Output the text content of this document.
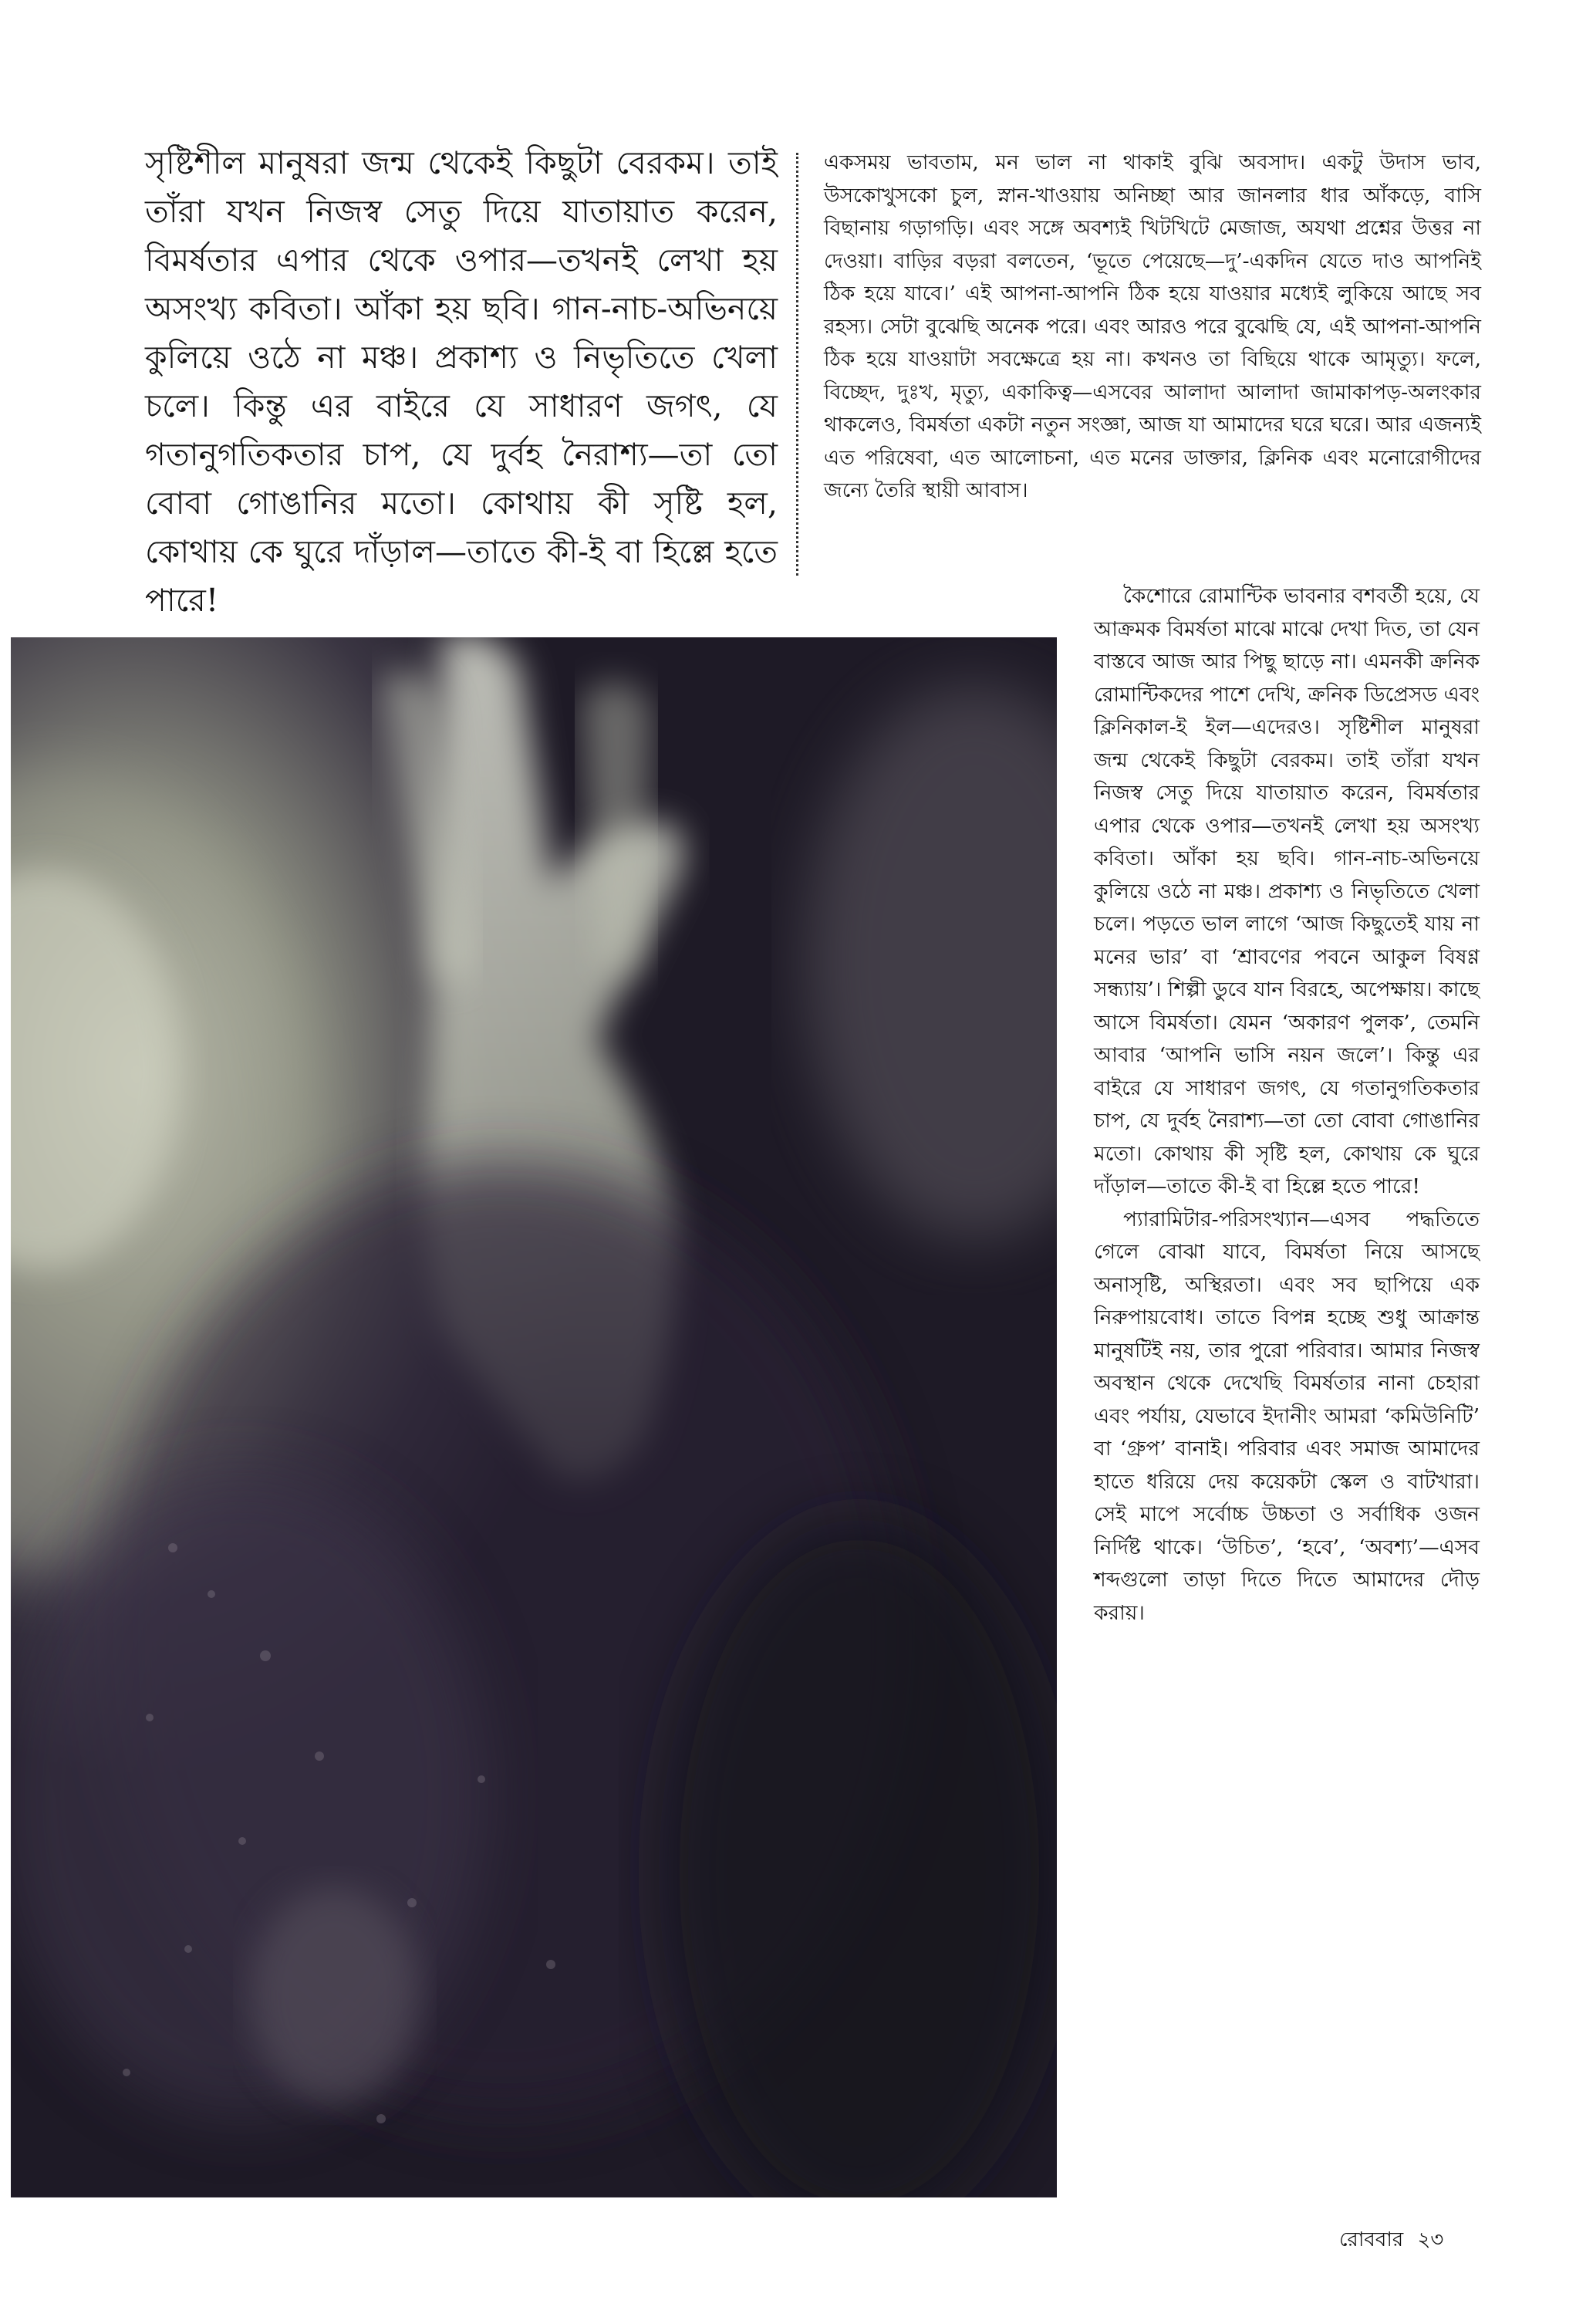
সৃষ্টিশীল মানুষরা জন্ম থেকেই কিছুটা বেরকম। তাই তাঁরা যখন নিজস্ব সেতু দিয়ে যাতায়াত করেন, বিমর্ষতার এপার থেকে ওপার—তখনই লেখা হয় অসংখ্য কবিতা। আঁকা হয় ছবি। গান-নাচ-অভিনয়ে কুলিয়ে ওঠে না মঞ্চ। প্রকাশ্য ও নিভৃতিতে খেলা চলে। কিন্তু এর বাইরে যে সাধারণ জগৎ, যে গতানুগতিকতার চাপ, যে দুর্বহ নৈরাশ্য—তা তো বোবা গোঙানির মতো। কোথায় কী সৃষ্টি হল, কোথায় কে ঘুরে দাঁড়াল—তাতে কী-ই বা হিল্লে হতে পারে!

একসময় ভাবতাম, মন ভাল না থাকাই বুঝি অবসাদ। একটু উদাস ভাব, উসকোখুসকো চুল, স্নান-খাওয়ায় অনিচ্ছা আর জানলার ধার আঁকড়ে, বাসি বিছানায় গড়াগড়ি। এবং সঙ্গে অবশ্যই খিটখিটে মেজাজ, অযথা প্রশ্নের উত্তর না দেওয়া। বাড়ির বড়রা বলতেন, ‘ভূতে পেয়েছে—দু’-একদিন যেতে দাও আপনিই ঠিক হয়ে যাবে।’ এই আপনা-আপনি ঠিক হয়ে যাওয়ার মধ্যেই লুকিয়ে আছে সব রহস্য। সেটা বুঝেছি অনেক পরে। এবং আরও পরে বুঝেছি যে, এই আপনা-আপনি ঠিক হয়ে যাওয়াটা সবক্ষেত্রে হয় না। কখনও তা বিছিয়ে থাকে আমৃত্যু। ফলে, বিচ্ছেদ, দুঃখ, মৃত্যু, একাকিত্ব—এসবের আলাদা আলাদা জামাকাপড়-অলংকার থাকলেও, বিমর্ষতা একটা নতুন সংজ্ঞা, আজ যা আমাদের ঘরে ঘরে। আর এজন্যই এত পরিষেবা, এত আলোচনা, এত মনের ডাক্তার, ক্লিনিক এবং মনোরোগীদের জন্যে তৈরি স্থায়ী আবাস।

কৈশোরে রোমান্টিক ভাবনার বশবর্তী হয়ে, যে আক্রমক বিমর্ষতা মাঝে মাঝে দেখা দিত, তা যেন বাস্তবে আজ আর পিছু ছাড়ে না। এমনকী ক্রনিক রোমান্টিকদের পাশে দেখি, ক্রনিক ডিপ্রেসড এবং ক্লিনিকাল-ই ইল—এদেরও। সৃষ্টিশীল মানুষরা জন্ম থেকেই কিছুটা বেরকম। তাই তাঁরা যখন নিজস্ব সেতু দিয়ে যাতায়াত করেন, বিমর্ষতার এপার থেকে ওপার—তখনই লেখা হয় অসংখ্য কবিতা। আঁকা হয় ছবি। গান-নাচ-অভিনয়ে কুলিয়ে ওঠে না মঞ্চ। প্রকাশ্য ও নিভৃতিতে খেলা চলে। পড়তে ভাল লাগে ‘আজ কিছুতেই যায় না মনের ভার’ বা ‘শ্রাবণের পবনে আকুল বিষণ্ণ সন্ধ্যায়’। শিল্পী ডুবে যান বিরহে, অপেক্ষায়। কাছে আসে বিমর্ষতা। যেমন ‘অকারণ পুলক’, তেমনি আবার ‘আপনি ভাসি নয়ন জলে’। কিন্তু এর বাইরে যে সাধারণ জগৎ, যে গতানুগতিকতার চাপ, যে দুর্বহ নৈরাশ্য—তা তো বোবা গোঙানির মতো। কোথায় কী সৃষ্টি হল, কোথায় কে ঘুরে দাঁড়াল—তাতে কী-ই বা হিল্লে হতে পারে!

প্যারামিটার-পরিসংখ্যান—এসব পদ্ধতিতে গেলে বোঝা যাবে, বিমর্ষতা নিয়ে আসছে অনাসৃষ্টি, অস্থিরতা। এবং সব ছাপিয়ে এক নিরুপায়বোধ। তাতে বিপন্ন হচ্ছে শুধু আক্রান্ত মানুষটিই নয়, তার পুরো পরিবার। আমার নিজস্ব অবস্থান থেকে দেখেছি বিমর্ষতার নানা চেহারা এবং পর্যায়, যেভাবে ইদানীং আমরা ‘কমিউনিটি’ বা ‘গ্রুপ’ বানাই। পরিবার এবং সমাজ আমাদের হাতে ধরিয়ে দেয় কয়েকটা স্কেল ও বাটখারা। সেই মাপে সর্বোচ্চ উচ্চতা ও সর্বাধিক ওজন নির্দিষ্ট থাকে। ‘উচিত’, ‘হবে’, ‘অবশ্য’—এসব শব্দগুলো তাড়া দিতে দিতে আমাদের দৌড় করায়।

রোববার ২৩
